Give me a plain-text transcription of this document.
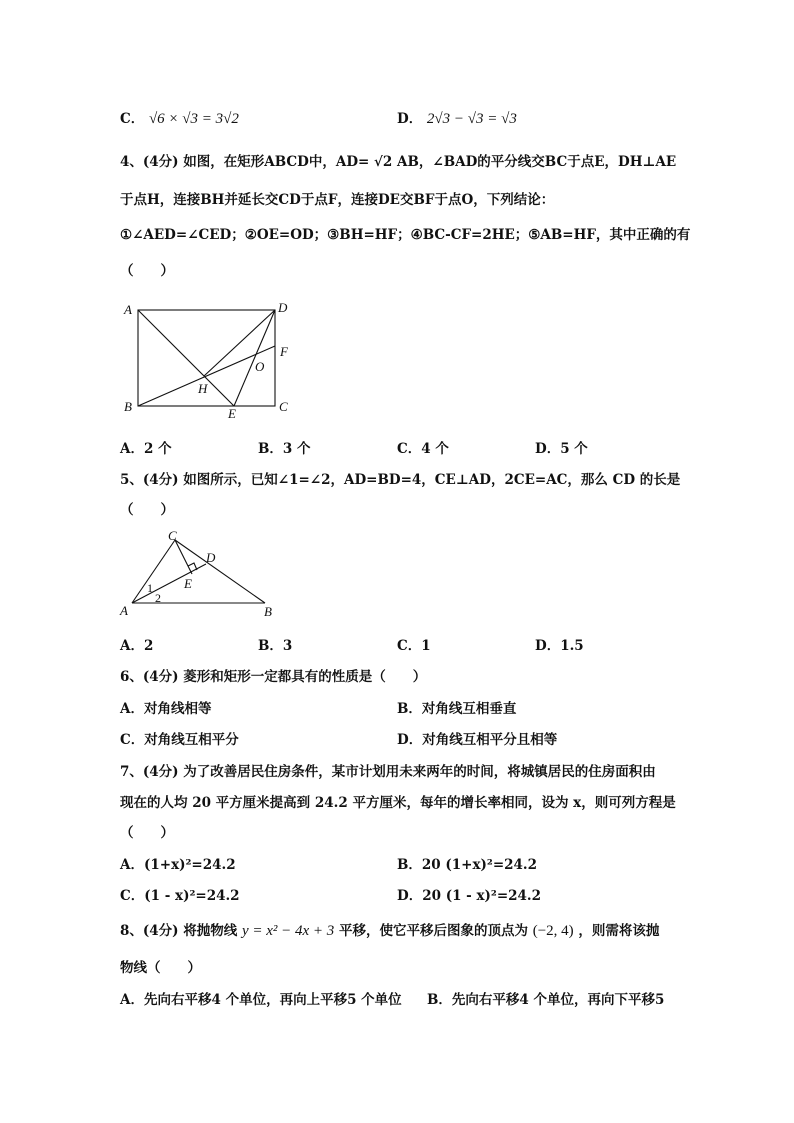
C． √6 × √3 = 3√2	D． 2√3 − √3 = √3
4、(4分) 如图，在矩形ABCD中，AD= √2 AB，∠BAD的平分线交BC于点E，DH⊥AE
于点H，连接BH并延长交CD于点F，连接DE交BF于点O，下列结论：
①∠AED=∠CED；②OE=OD；③BH=HF；④BC-CF=2HE；⑤AB=HF，其中正确的有
（　　）
A	D
F
O
H
B	E	C
A．2 个	B．3 个	C．4 个	D．5 个
5、(4分) 如图所示，已知∠1=∠2，AD=BD=4，CE⊥AD，2CE=AC，那么 CD 的长是
（　　）
C
D
E
1
2
A	B
A．2	B．3	C．1	D．1.5
6、(4分) 菱形和矩形一定都具有的性质是（　　）
A．对角线相等	B．对角线互相垂直
C．对角线互相平分	D．对角线互相平分且相等
7、(4分) 为了改善居民住房条件，某市计划用未来两年的时间，将城镇居民的住房面积由
现在的人均 20 平方厘米提高到 24.2 平方厘米，每年的增长率相同，设为 x，则可列方程是
（　　）
A．(1+x)²=24.2	B．20 (1+x)²=24.2
C．(1 - x)²=24.2	D．20 (1 - x)²=24.2
8、(4分) 将抛物线 y = x² − 4x + 3 平移，使它平移后图象的顶点为 (−2, 4) ，则需将该抛
物线（　　）
A．先向右平移4 个单位，再向上平移5 个单位 B．先向右平移4 个单位，再向下平移5
